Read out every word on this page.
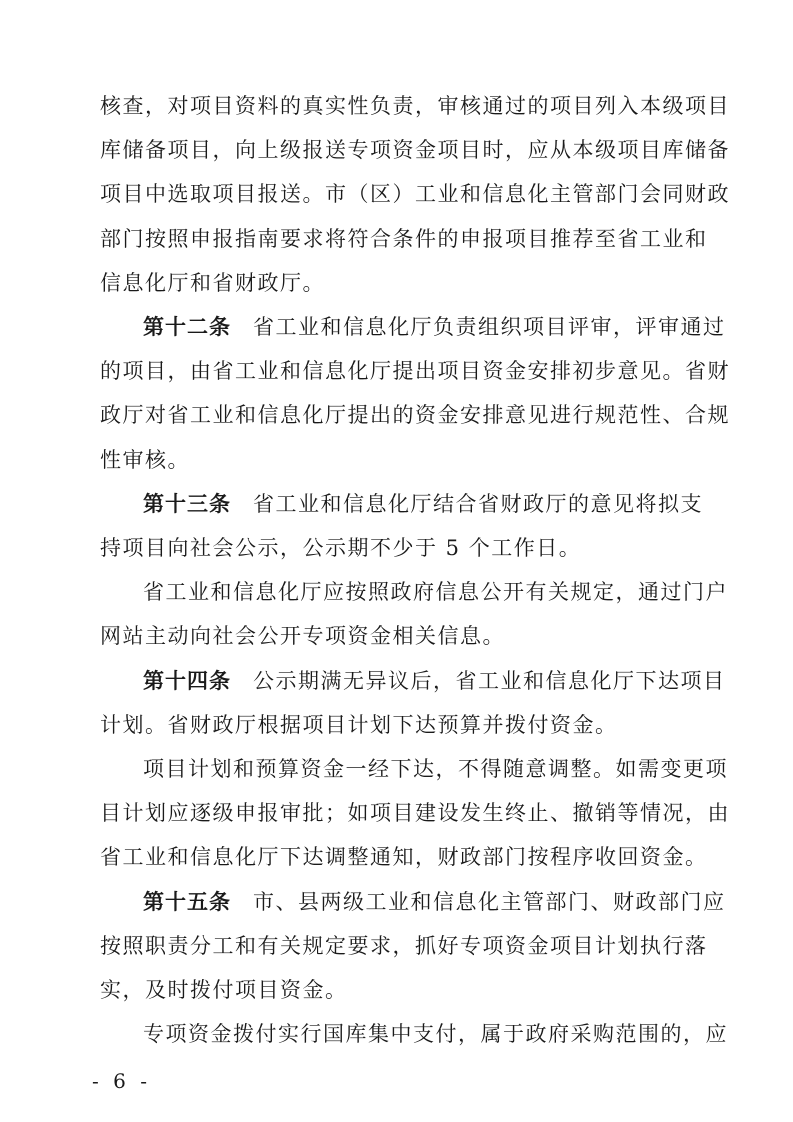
核查，对项目资料的真实性负责，审核通过的项目列入本级项目
库储备项目，向上级报送专项资金项目时，应从本级项目库储备
项目中选取项目报送。市（区）工业和信息化主管部门会同财政
部门按照申报指南要求将符合条件的申报项目推荐至省工业和
信息化厅和省财政厅。
第十二条 省工业和信息化厅负责组织项目评审，评审通过
的项目，由省工业和信息化厅提出项目资金安排初步意见。省财
政厅对省工业和信息化厅提出的资金安排意见进行规范性、合规
性审核。
第十三条 省工业和信息化厅结合省财政厅的意见将拟支
持项目向社会公示，公示期不少于 5 个工作日。
省工业和信息化厅应按照政府信息公开有关规定，通过门户
网站主动向社会公开专项资金相关信息。
第十四条 公示期满无异议后，省工业和信息化厅下达项目
计划。省财政厅根据项目计划下达预算并拨付资金。
项目计划和预算资金一经下达，不得随意调整。如需变更项
目计划应逐级申报审批；如项目建设发生终止、撤销等情况，由
省工业和信息化厅下达调整通知，财政部门按程序收回资金。
第十五条 市、县两级工业和信息化主管部门、财政部门应
按照职责分工和有关规定要求，抓好专项资金项目计划执行落
实，及时拨付项目资金。
专项资金拨付实行国库集中支付，属于政府采购范围的，应
- 6 -
